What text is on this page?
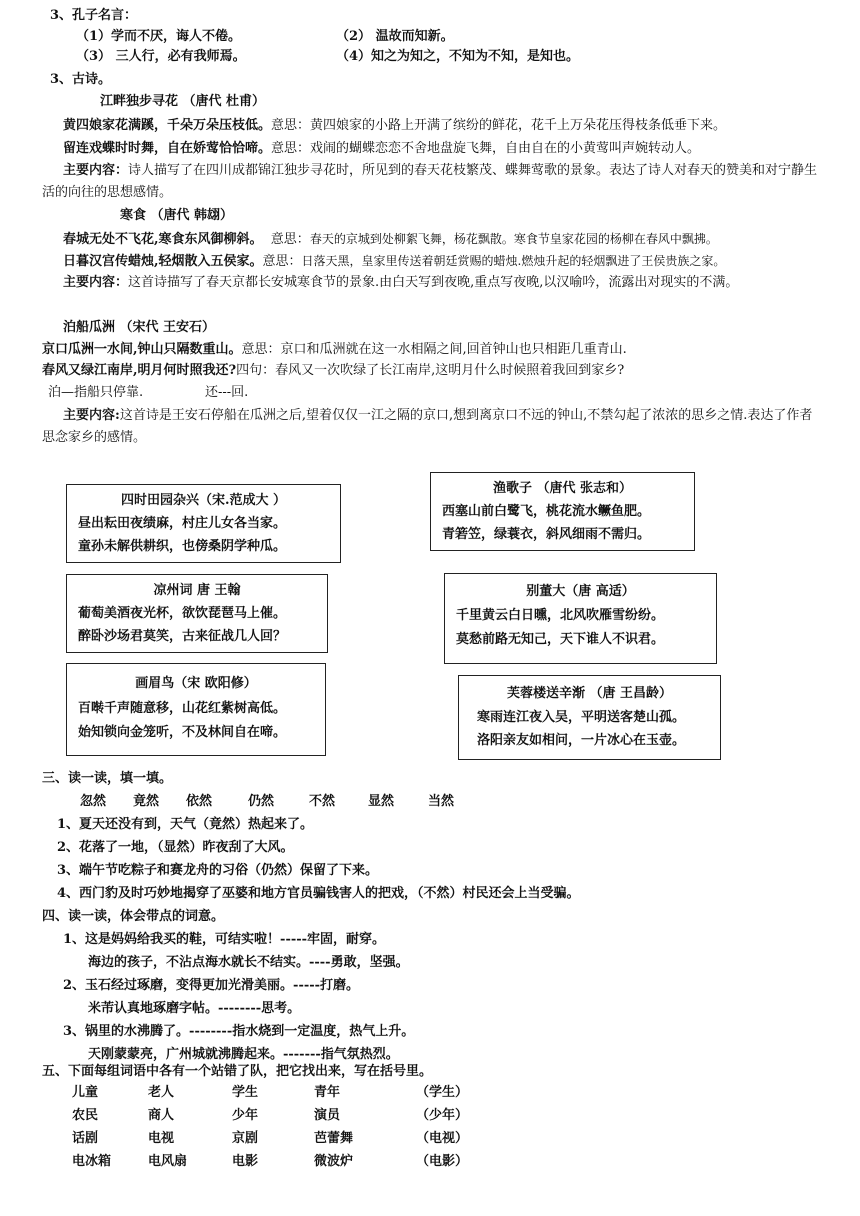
3、孔子名言：
（1）学而不厌，诲人不倦。	（2） 温故而知新。
（3） 三人行，必有我师焉。	（4）知之为知之，不知为不知，是知也。
3、古诗。
江畔独步寻花 （唐代 杜甫）
黄四娘家花满蹊，千朵万朵压枝低。意思：黄四娘家的小路上开满了缤纷的鲜花，花千上万朵花压得枝条低垂下来。
留连戏蝶时时舞，自在娇莺恰恰啼。意思：戏闹的蝴蝶恋恋不舍地盘旋飞舞，自由自在的小黄莺叫声婉转动人。
主要内容：诗人描写了在四川成都锦江独步寻花时，所见到的春天花枝繁茂、蝶舞莺歌的景象。表达了诗人对春天的赞美和对宁静生活的向往的思想感情。
寒食 （唐代 韩翃）
春城无处不飞花,寒食东风御柳斜。 意思：春天的京城到处柳絮飞舞，杨花飘散。寒食节皇家花园的杨柳在春风中飘拂。
日暮汉宫传蜡烛,轻烟散入五侯家。意思：日落天黑，皇家里传送着朝廷赏赐的蜡烛.燃烛升起的轻烟飘进了王侯贵族之家。
主要内容：这首诗描写了春天京都长安城寒食节的景象.由白天写到夜晚,重点写夜晚,以汉喻吟，流露出对现实的不满。
泊船瓜洲 （宋代 王安石）
京口瓜洲一水间,钟山只隔数重山。意思：京口和瓜洲就在这一水相隔之间,回首钟山也只相距几重青山.
春风又绿江南岸,明月何时照我还?四句：春风又一次吹绿了长江南岸,这明月什么时候照着我回到家乡?
泊—指船只停靠.	还---回.
主要内容:这首诗是王安石停船在瓜洲之后,望着仅仅一江之隔的京口,想到离京口不远的钟山,不禁勾起了浓浓的思乡之情.表达了作者思念家乡的感情。
四时田园杂兴（宋.范成大 ）
昼出耘田夜绩麻，村庄儿女各当家。
童孙未解供耕织，也傍桑阴学种瓜。
渔歌子 （唐代 张志和）
西塞山前白鹭飞，桃花流水鳜鱼肥。
青箬笠，绿蓑衣，斜风细雨不需归。
凉州词 唐 王翰
葡萄美酒夜光杯，欲饮琵琶马上催。
醉卧沙场君莫笑，古来征战几人回？
别董大（唐 高适）
千里黄云白日曛，北风吹雁雪纷纷。
莫愁前路无知己，天下谁人不识君。
画眉鸟（宋 欧阳修）
百啭千声随意移，山花红紫树高低。
始知锁向金笼听，不及林间自在啼。
芙蓉楼送辛渐 （唐 王昌龄）
寒雨连江夜入吴，平明送客楚山孤。
洛阳亲友如相问，一片冰心在玉壶。
三、读一读，填一填。
忽然 竟然 依然	仍然	不然	显然	当然
1、夏天还没有到，天气（竟然）热起来了。
2、花落了一地，（显然）昨夜刮了大风。
3、端午节吃粽子和赛龙舟的习俗（仍然）保留了下来。
4、西门豹及时巧妙地揭穿了巫婆和地方官员骗钱害人的把戏，（不然）村民还会上当受骗。
四、读一读，体会带点的词意。
1、这是妈妈给我买的鞋，可结实啦！-----牢固，耐穿。
海边的孩子，不沾点海水就长不结实。----勇敢，坚强。
2、玉石经过琢磨，变得更加光滑美丽。-----打磨。
米芾认真地琢磨字帖。--------思考。
3、锅里的水沸腾了。--------指水烧到一定温度，热气上升。
天刚蒙蒙亮，广州城就沸腾起来。-------指气氛热烈。
五、下面每组词语中各有一个站错了队，把它找出来，写在括号里。
儿童	老人	学生	青年	（学生）
农民	商人	少年	演员	（少年）
话剧	电视	京剧	芭蕾舞	（电视）
电冰箱	电风扇	电影	微波炉	（电影）
